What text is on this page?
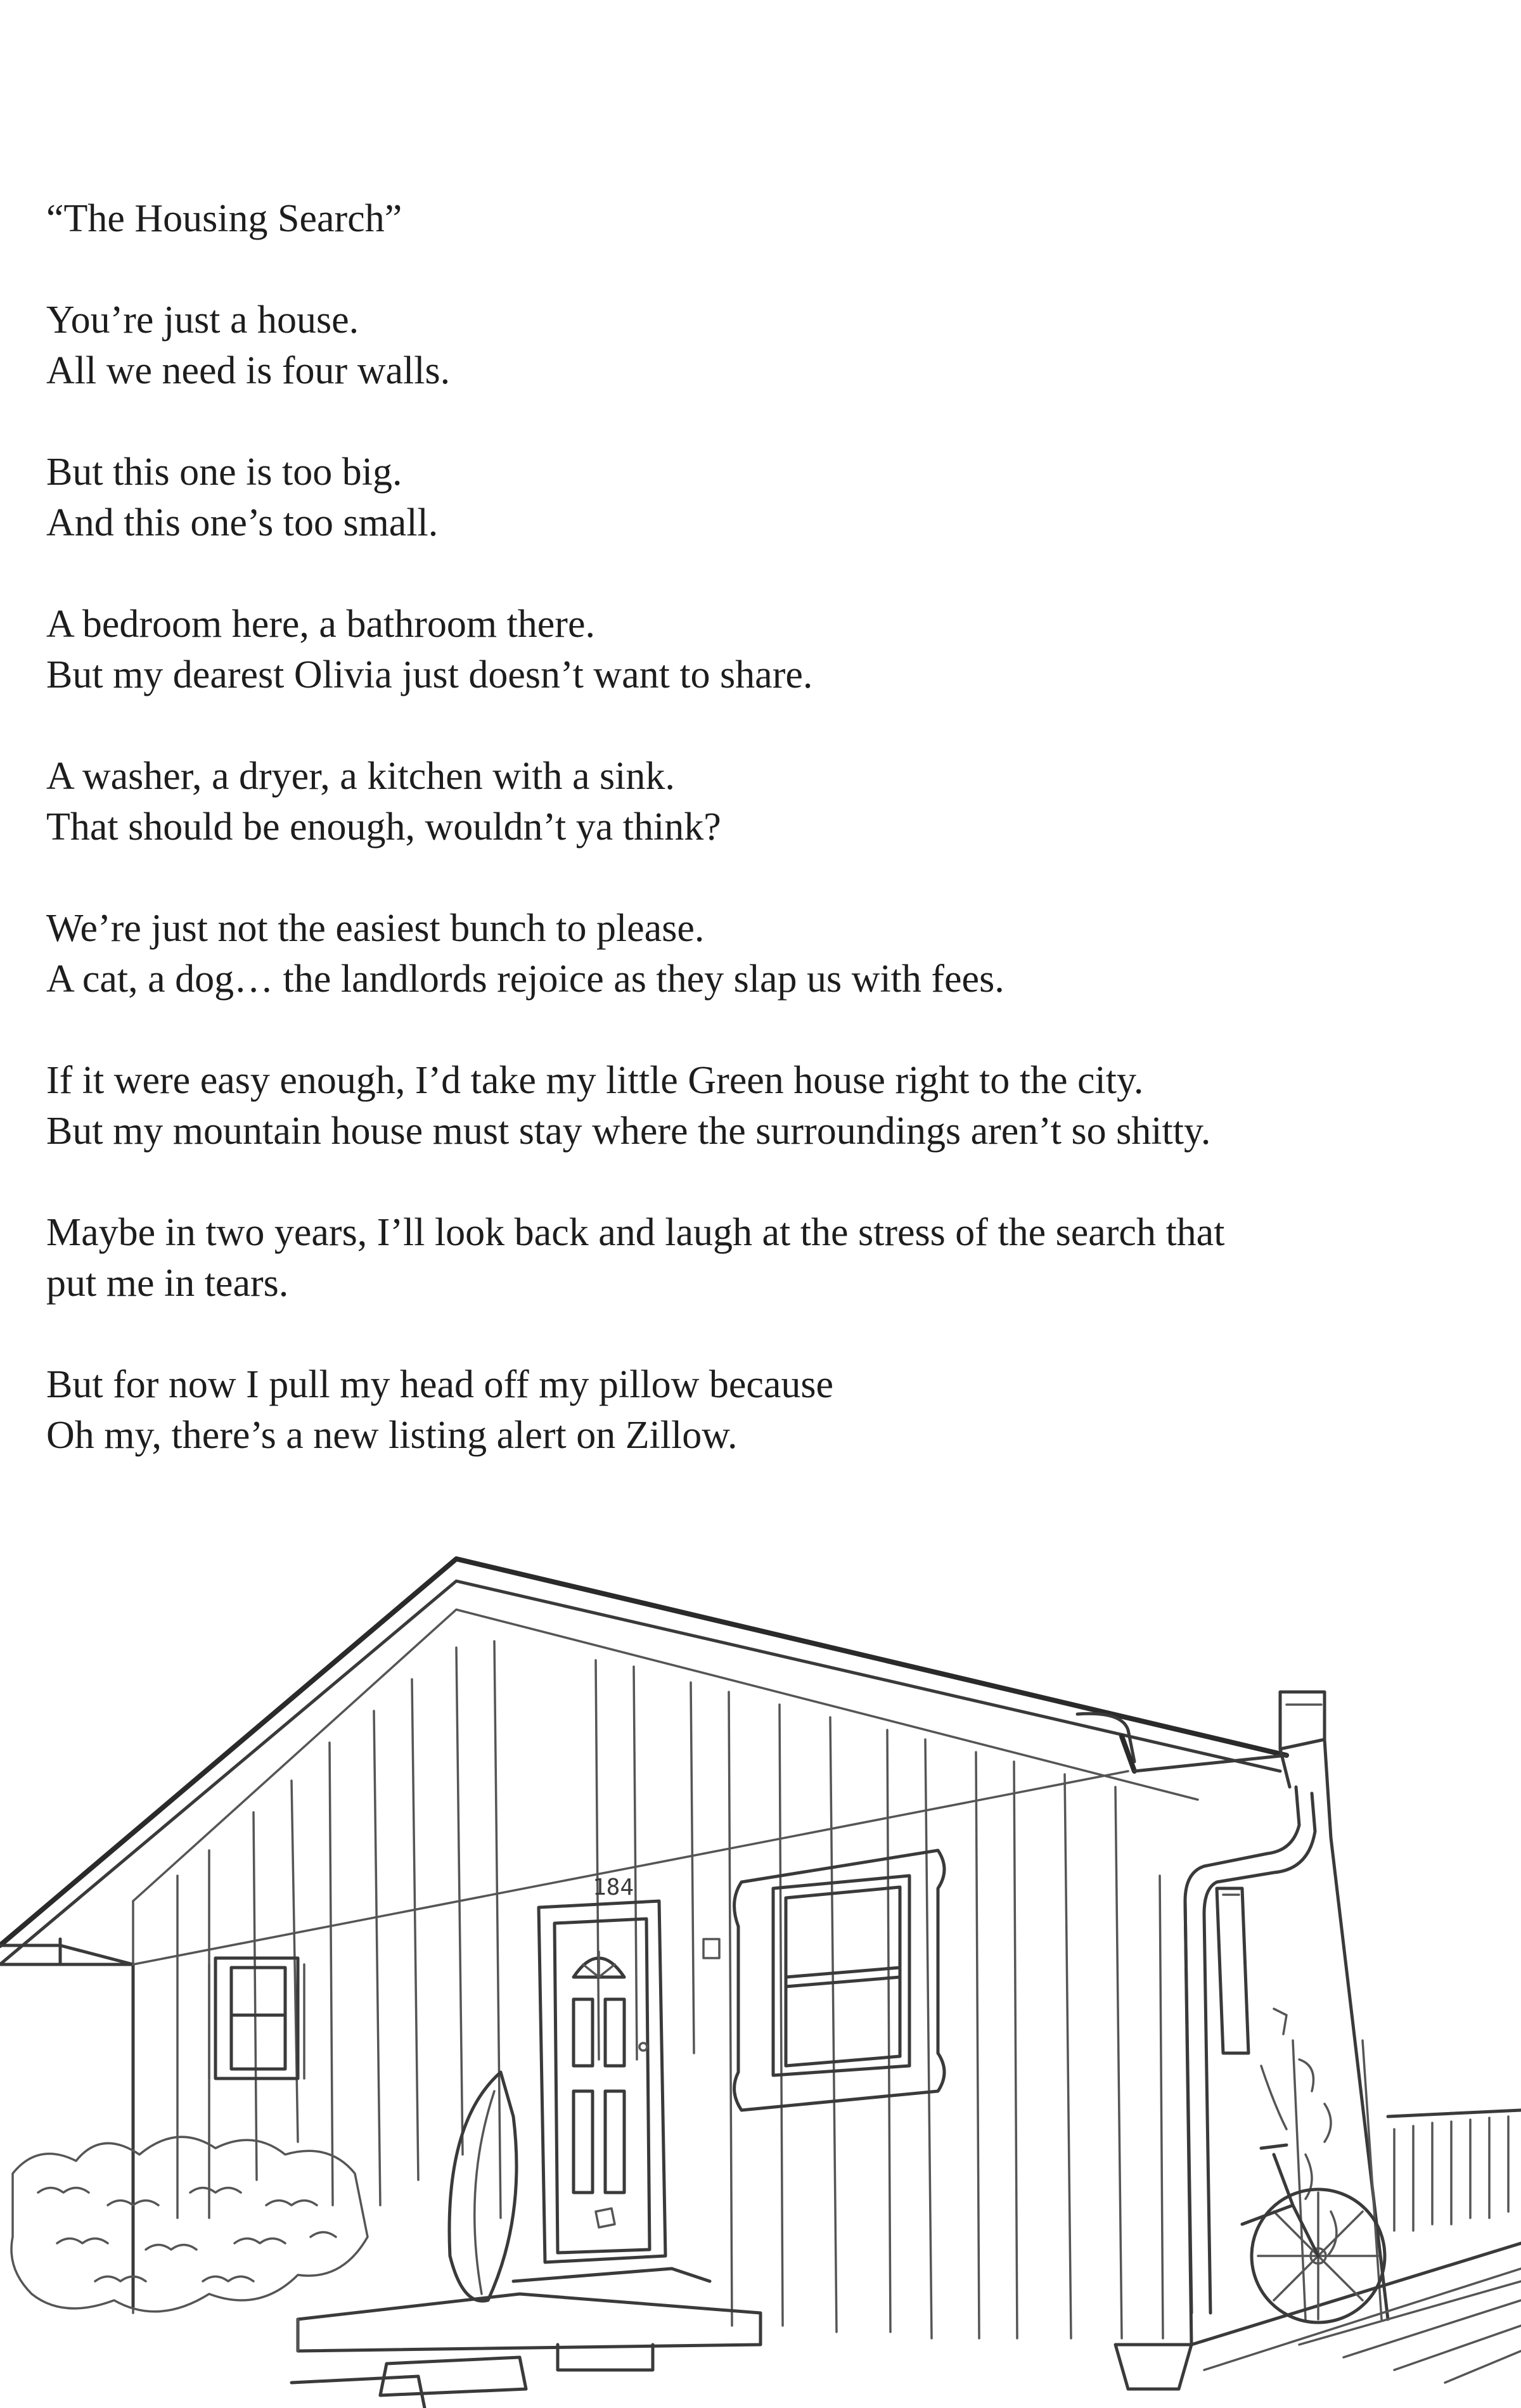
“The Housing Search”
You’re just a house.
All we need is four walls.
But this one is too big.
And this one’s too small.
A bedroom here, a bathroom there.
But my dearest Olivia just doesn’t want to share.
A washer, a dryer, a kitchen with a sink.
That should be enough, wouldn’t ya think?
We’re just not the easiest bunch to please.
A cat, a dog… the landlords rejoice as they slap us with fees.
If it were easy enough, I’d take my little Green house right to the city.
But my mountain house must stay where the surroundings aren’t so shitty.
Maybe in two years, I’ll look back and laugh at the stress of the search that
put me in tears.
But for now I pull my head off my pillow because
Oh my, there’s a new listing alert on Zillow.
184
